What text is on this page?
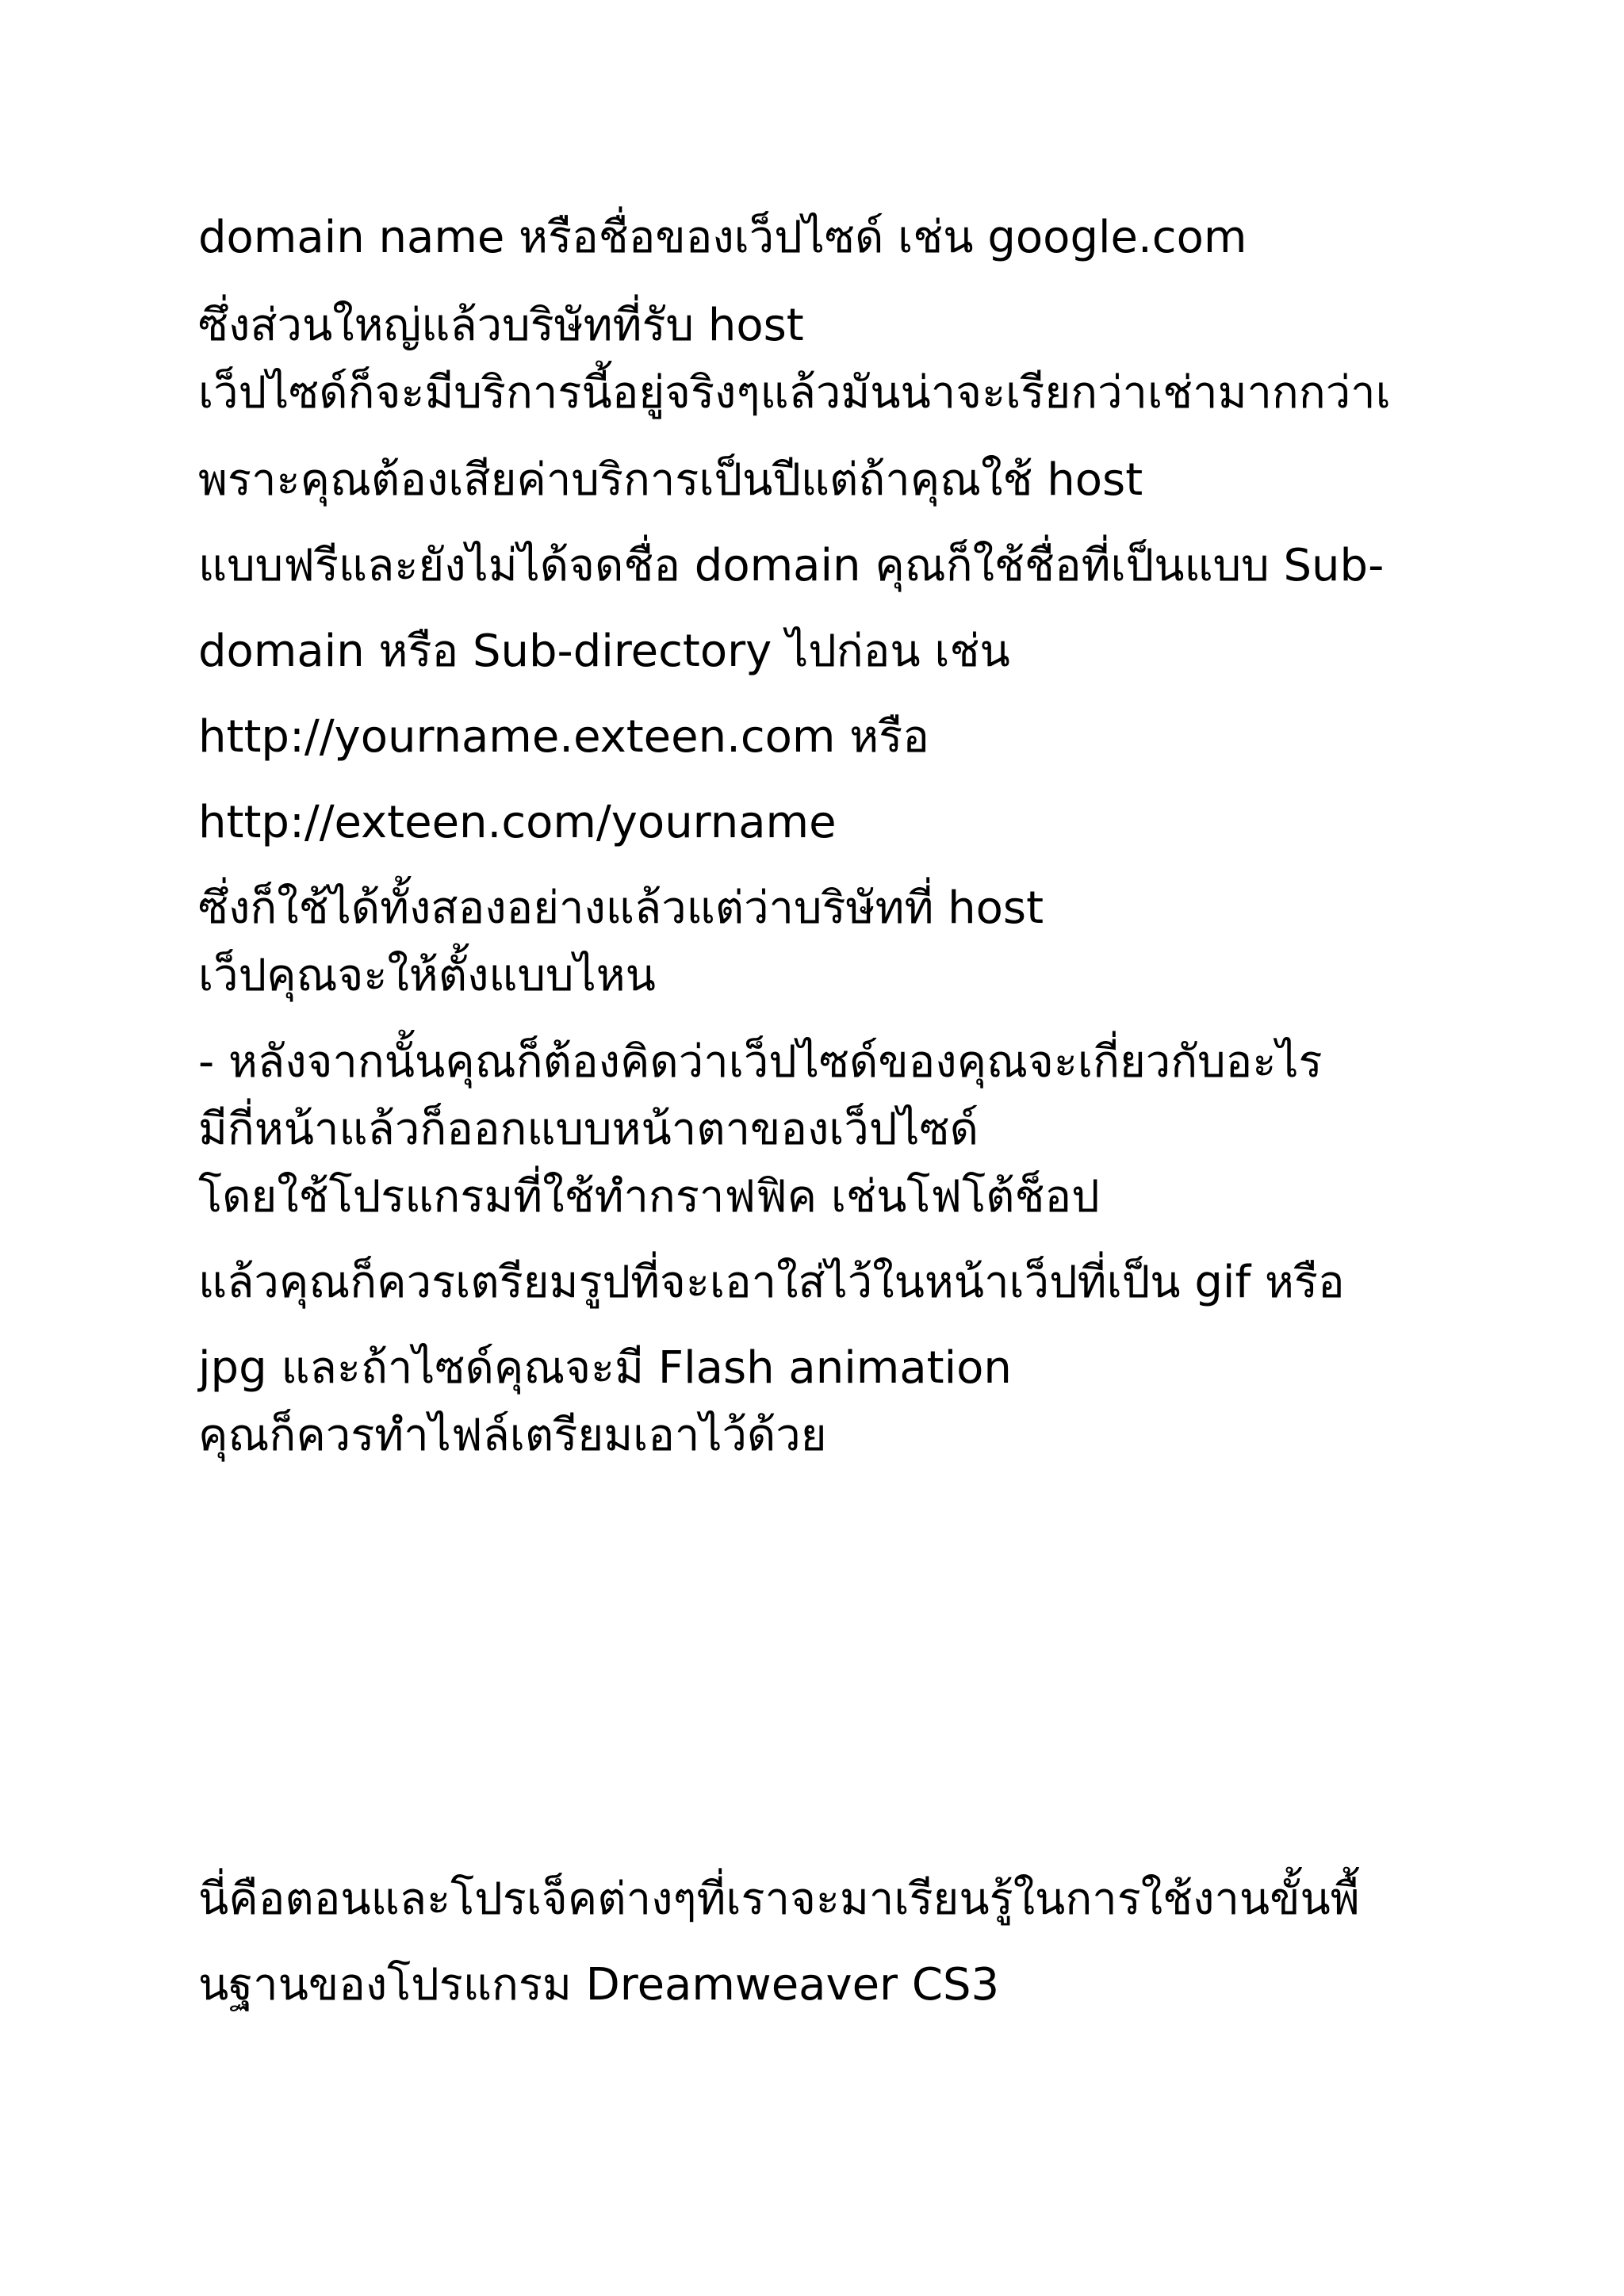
domain name หรือชื่อของเว็ปไซด์ เช่น google.com

ซึ่งส่วนใหญ่แล้วบริษัทที่รับ host

เว็ปไซด์ก็จะมีบริการนี้อยู่จริงๆแล้วมันน่าจะเรียกว่าเช่ามากกว่าเ

พราะคุณต้องเสียค่าบริการเป็นปีแต่ถ้าคุณใช้ host

แบบฟรีและยังไม่ได้จดชื่อ domain คุณก็ใช้ชื่อที่เป็นแบบ Sub-

domain หรือ Sub-directory ไปก่อน เช่น

http://yourname.exteen.com หรือ

http://exteen.com/yourname

ซึ่งก็ใช้ได้ทั้งสองอย่างแล้วแต่ว่าบริษัทที่ host

เว็ปคุณจะให้ตั้งแบบไหน

- หลังจากนั้นคุณก็ต้องคิดว่าเว็ปไซด์ของคุณจะเกี่ยวกับอะไร

มีกี่หน้าแล้วก็ออกแบบหน้าตาของเว็ปไซด์

โดยใช้โปรแกรมที่ใช้ทำกราฟฟิค เช่นโฟโต้ช็อป

แล้วคุณก็ควรเตรียมรูปที่จะเอาใส่ไว้ในหน้าเว็ปที่เป็น gif หรือ

jpg และถ้าไซด์คุณจะมี Flash animation

คุณก็ควรทำไฟล์เตรียมเอาไว้ด้วย

นี่คือตอนและโปรเจ็คต่างๆที่เราจะมาเรียนรู้ในการใช้งานขั้นพื้

นฐานของโปรแกรม Dreamweaver CS3
